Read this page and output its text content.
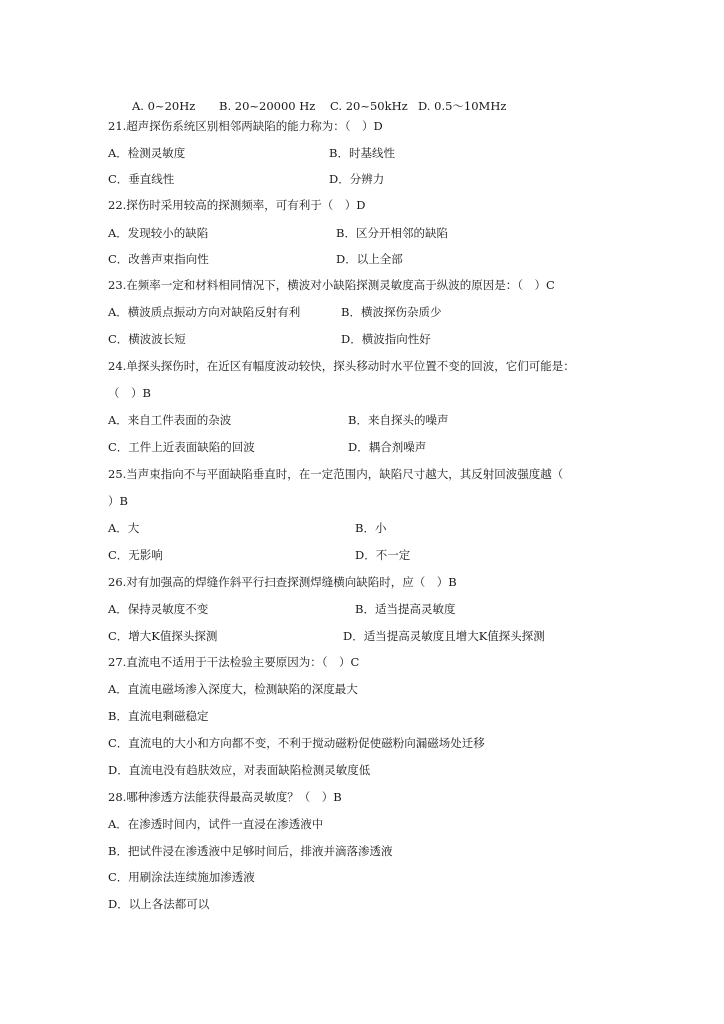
A. 0~20Hz B. 20~20000 Hz C. 20~50kHz D. 0.5～10MHz
21.超声探伤系统区别相邻两缺陷的能力称为：（　）D
A．检测灵敏度	B．时基线性
C．垂直线性	D．分辨力
22.探伤时采用较高的探测频率，可有利于（　）D
A．发现较小的缺陷	B．区分开相邻的缺陷
C．改善声束指向性	D．以上全部
23.在频率一定和材料相同情况下，横波对小缺陷探测灵敏度高于纵波的原因是：（　）C
A．横波质点振动方向对缺陷反射有利	B．横波探伤杂质少
C．横波波长短	D．横波指向性好
24.单探头探伤时，在近区有幅度波动较快，探头移动时水平位置不变的回波，它们可能是：
（　）B
A．来自工件表面的杂波	B．来自探头的噪声
C．工件上近表面缺陷的回波	D．耦合剂噪声
25.当声束指向不与平面缺陷垂直时，在一定范围内，缺陷尺寸越大，其反射回波强度越（
）B
A．大	B．小
C．无影响	D．不一定
26.对有加强高的焊缝作斜平行扫查探测焊缝横向缺陷时，应（　）B
A．保持灵敏度不变	B．适当提高灵敏度
C．增大K值探头探测	D．适当提高灵敏度且增大K值探头探测
27.直流电不适用于干法检验主要原因为：（　）C
A．直流电磁场渗入深度大，检测缺陷的深度最大
B．直流电剩磁稳定
C．直流电的大小和方向都不变，不利于搅动磁粉促使磁粉向漏磁场处迁移
D．直流电没有趋肤效应，对表面缺陷检测灵敏度低
28.哪种渗透方法能获得最高灵敏度？（　）B
A．在渗透时间内，试件一直浸在渗透液中
B．把试件浸在渗透液中足够时间后，排液并滴落渗透液
C．用刷涂法连续施加渗透液
D．以上各法都可以
